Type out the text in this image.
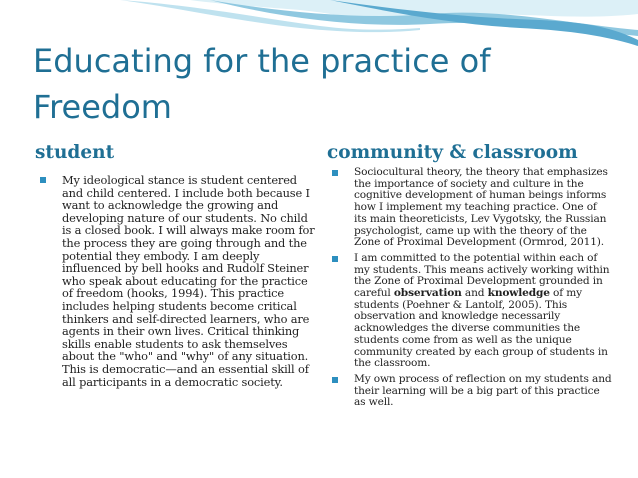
Educating for the practice of Freedom
student	community & classroom
My ideological stance is student centered and child centered. I include both because I want to acknowledge the growing and developing nature of our students. No child is a closed book. I will always make room for the process they are going through and the potential they embody. I am deeply influenced by bell hooks and Rudolf Steiner who speak about educating for the practice of freedom (hooks, 1994). This practice includes helping students become critical thinkers and self-directed learners, who are agents in their own lives. Critical thinking skills enable students to ask themselves about the "who" and "why" of any situation. This is democratic—and an essential skill of all participants in a democratic society.
Sociocultural theory, the theory that emphasizes the importance of society and culture in the cognitive development of human beings informs how I implement my teaching practice. One of its main theoreticists, Lev Vygotsky, the Russian psychologist, came up with the theory of the Zone of Proximal Development (Ormrod, 2011).
I am committed to the potential within each of my students. This means actively working within the Zone of Proximal Development grounded in careful observation and knowledge of my students (Poehner & Lantolf, 2005). This observation and knowledge necessarily acknowledges the diverse communities the students come from as well as the unique community created by each group of students in the classroom.
My own process of reflection on my students and their learning will be a big part of this practice as well.
